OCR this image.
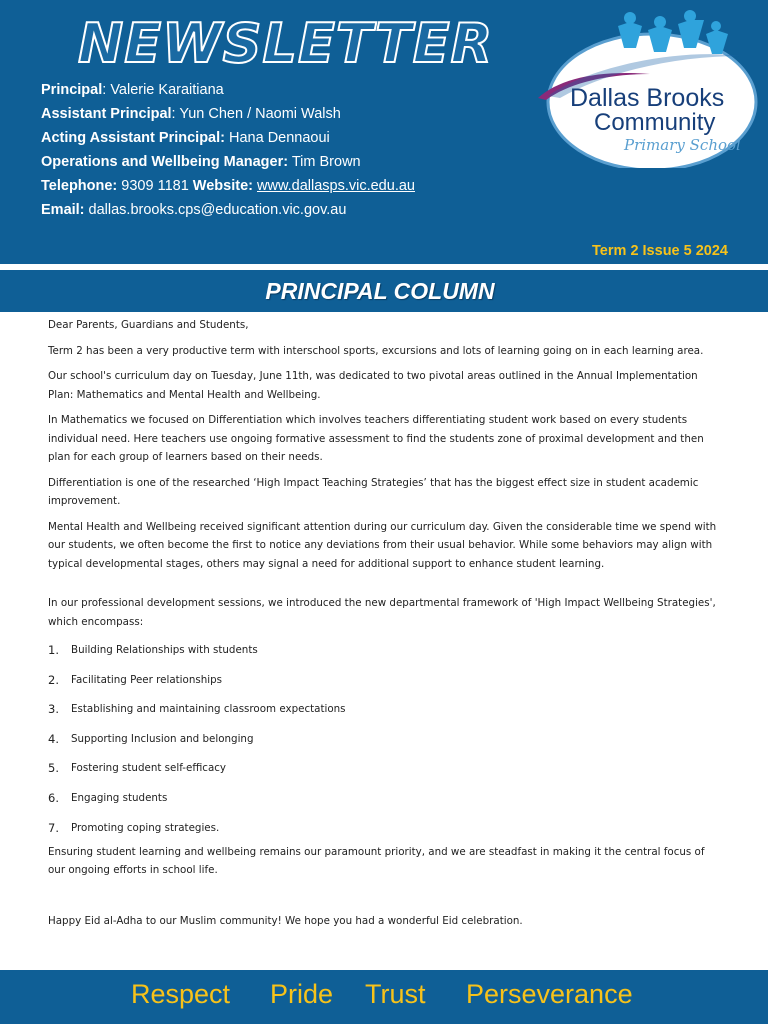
NEWSLETTER
Principal: Valerie Karaitiana
Assistant Principal: Yun Chen / Naomi Walsh
Acting Assistant Principal: Hana Dennaoui
Operations and Wellbeing Manager: Tim Brown
Telephone: 9309 1181 Website: www.dallasps.vic.edu.au
Email: dallas.brooks.cps@education.vic.gov.au
Dallas Brooks
Community
Primary School
Term 2 Issue 5 2024
PRINCIPAL COLUMN

Dear Parents, Guardians and Students,

Term 2 has been a very productive term with interschool sports, excursions and lots of learning going on in each learning area.

Our school's curriculum day on Tuesday, June 11th, was dedicated to two pivotal areas outlined in the Annual Implementation Plan: Mathematics and Mental Health and Wellbeing.

In Mathematics we focused on Differentiation which involves teachers differentiating student work based on every students individual need. Here teachers use ongoing formative assessment to find the students zone of proximal development and then plan for each group of learners based on their needs.

Differentiation is one of the researched ‘High Impact Teaching Strategies’ that has the biggest effect size in student academic improvement.

Mental Health and Wellbeing received significant attention during our curriculum day. Given the considerable time we spend with our students, we often become the first to notice any deviations from their usual behavior. While some behaviors may align with typical developmental stages, others may signal a need for additional support to enhance student learning.

In our professional development sessions, we introduced the new departmental framework of 'High Impact Wellbeing Strategies', which encompass:

1.	Building Relationships with students
2.	Facilitating Peer relationships
3.	Establishing and maintaining classroom expectations
4.	Supporting Inclusion and belonging
5.	Fostering student self-efficacy
6.	Engaging students
7.	Promoting coping strategies.

Ensuring student learning and wellbeing remains our paramount priority, and we are steadfast in making it the central focus of our ongoing efforts in school life.

Happy Eid al-Adha to our Muslim community! We hope you had a wonderful Eid celebration.

Respect Pride Trust Perseverance
